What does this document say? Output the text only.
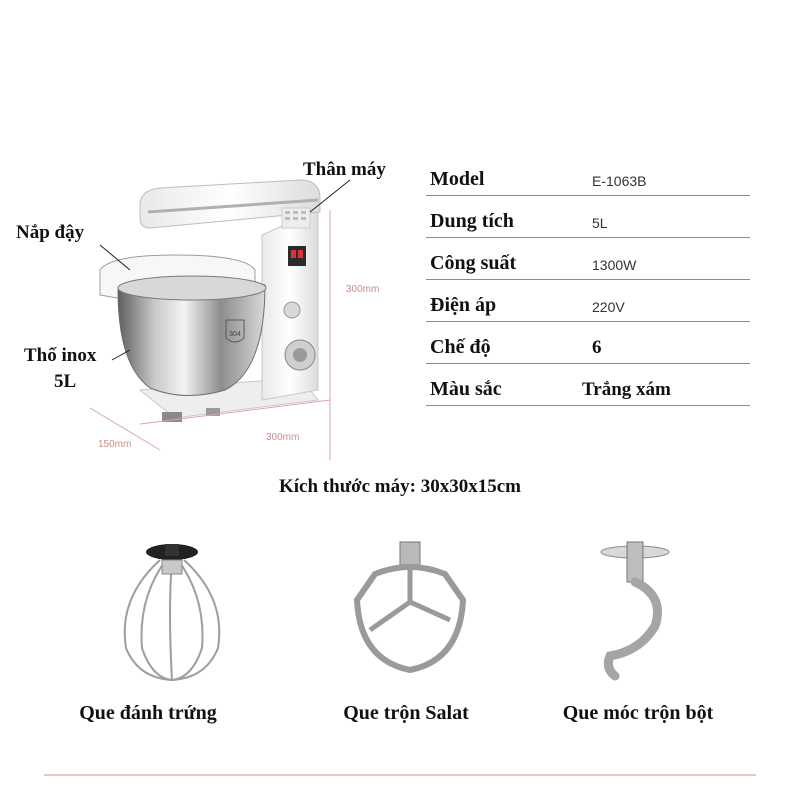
304
Thân máy
Nắp đậy
Thố inox
5L
300mm
300mm
150mm
Model	E-1063B
Dung tích	5L
Công suất	1300W
Điện áp	220V
Chế độ	6
Màu sắc	Trắng xám
Kích thước máy: 30x30x15cm
Que đánh trứng	Que trộn Salat	Que móc trộn bột
